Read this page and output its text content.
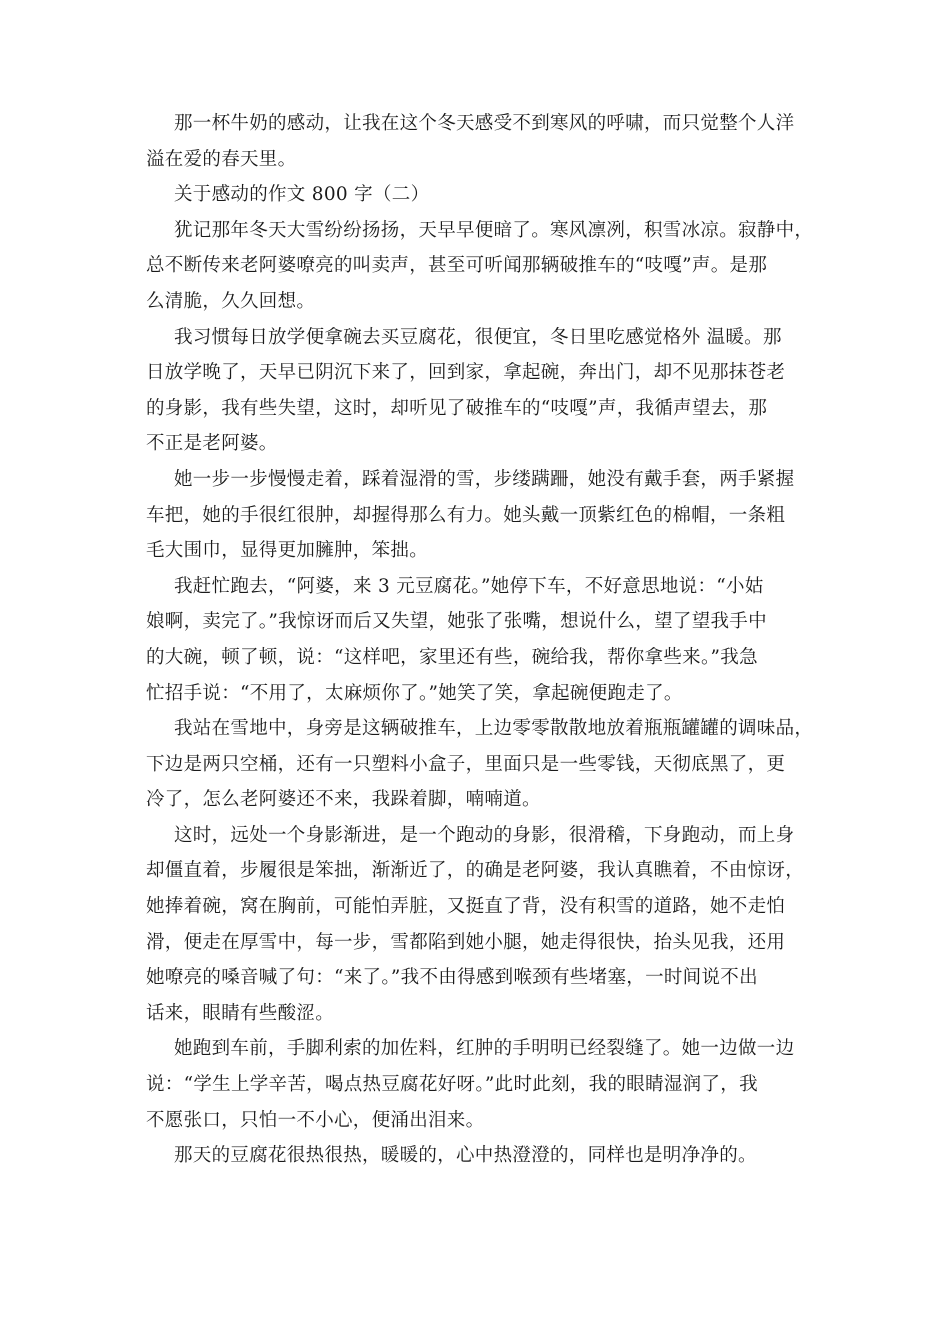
那一杯牛奶的感动，让我在这个冬天感受不到寒风的呼啸，而只觉整个人洋
溢在爱的春天里。
关于感动的作文 800 字（二）
犹记那年冬天大雪纷纷扬扬，天早早便暗了。寒风凛冽，积雪冰凉。寂静中，
总不断传来老阿婆嘹亮的叫卖声，甚至可听闻那辆破推车的“吱嘎”声。是那
么清脆，久久回想。
我习惯每日放学便拿碗去买豆腐花，很便宜，冬日里吃感觉格外 温暖。那
日放学晚了，天早已阴沉下来了，回到家，拿起碗，奔出门，却不见那抹苍老
的身影，我有些失望，这时，却听见了破推车的“吱嘎”声，我循声望去，那
不正是老阿婆。
她一步一步慢慢走着，踩着湿滑的雪，步缕蹒跚，她没有戴手套，两手紧握
车把，她的手很红很肿，却握得那么有力。她头戴一顶紫红色的棉帽，一条粗
毛大围巾，显得更加臃肿，笨拙。
我赶忙跑去，“阿婆，来 3 元豆腐花。”她停下车，不好意思地说：“小姑
娘啊，卖完了。”我惊讶而后又失望，她张了张嘴，想说什么，望了望我手中
的大碗，顿了顿，说：“这样吧，家里还有些，碗给我，帮你拿些来。”我急
忙招手说：“不用了，太麻烦你了。”她笑了笑，拿起碗便跑走了。
我站在雪地中，身旁是这辆破推车，上边零零散散地放着瓶瓶罐罐的调味品，
下边是两只空桶，还有一只塑料小盒子，里面只是一些零钱，天彻底黑了，更
冷了，怎么老阿婆还不来，我跺着脚，喃喃道。
这时，远处一个身影渐进，是一个跑动的身影，很滑稽，下身跑动，而上身
却僵直着，步履很是笨拙，渐渐近了，的确是老阿婆，我认真瞧着，不由惊讶，
她捧着碗，窝在胸前，可能怕弄脏，又挺直了背，没有积雪的道路，她不走怕
滑，便走在厚雪中，每一步，雪都陷到她小腿，她走得很快，抬头见我，还用
她嘹亮的嗓音喊了句：“来了。”我不由得感到喉颈有些堵塞，一时间说不出
话来，眼睛有些酸涩。
她跑到车前，手脚利索的加佐料，红肿的手明明已经裂缝了。她一边做一边
说：“学生上学辛苦，喝点热豆腐花好呀。”此时此刻，我的眼睛湿润了，我
不愿张口，只怕一不小心，便涌出泪来。
那天的豆腐花很热很热，暖暖的，心中热澄澄的，同样也是明净净的。
